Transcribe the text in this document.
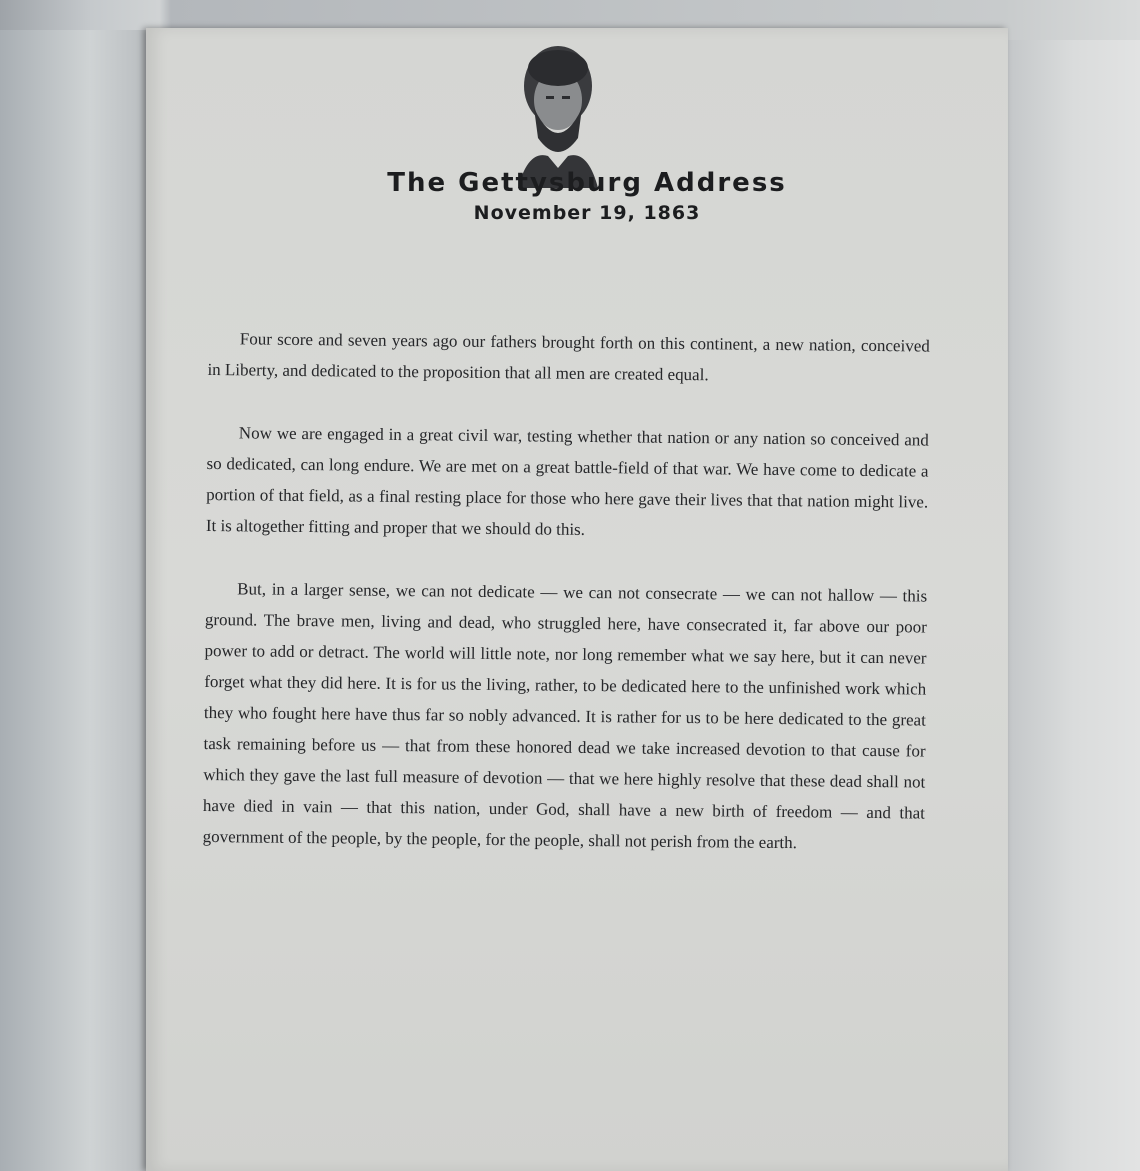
The Gettysburg Address
November 19, 1863

Four score and seven years ago our fathers brought forth on this continent, a new nation, conceived in Liberty, and dedicated to the proposition that all men are created equal.

Now we are engaged in a great civil war, testing whether that nation or any nation so conceived and so dedicated, can long endure. We are met on a great battle-field of that war. We have come to dedicate a portion of that field, as a final resting place for those who here gave their lives that that nation might live. It is altogether fitting and proper that we should do this.

But, in a larger sense, we can not dedicate — we can not consecrate — we can not hallow — this ground. The brave men, living and dead, who struggled here, have consecrated it, far above our poor power to add or detract. The world will little note, nor long remember what we say here, but it can never forget what they did here. It is for us the living, rather, to be dedicated here to the unfinished work which they who fought here have thus far so nobly advanced. It is rather for us to be here dedicated to the great task remaining before us — that from these honored dead we take increased devotion to that cause for which they gave the last full measure of devotion — that we here highly resolve that these dead shall not have died in vain — that this nation, under God, shall have a new birth of freedom — and that government of the people, by the people, for the people, shall not perish from the earth.
